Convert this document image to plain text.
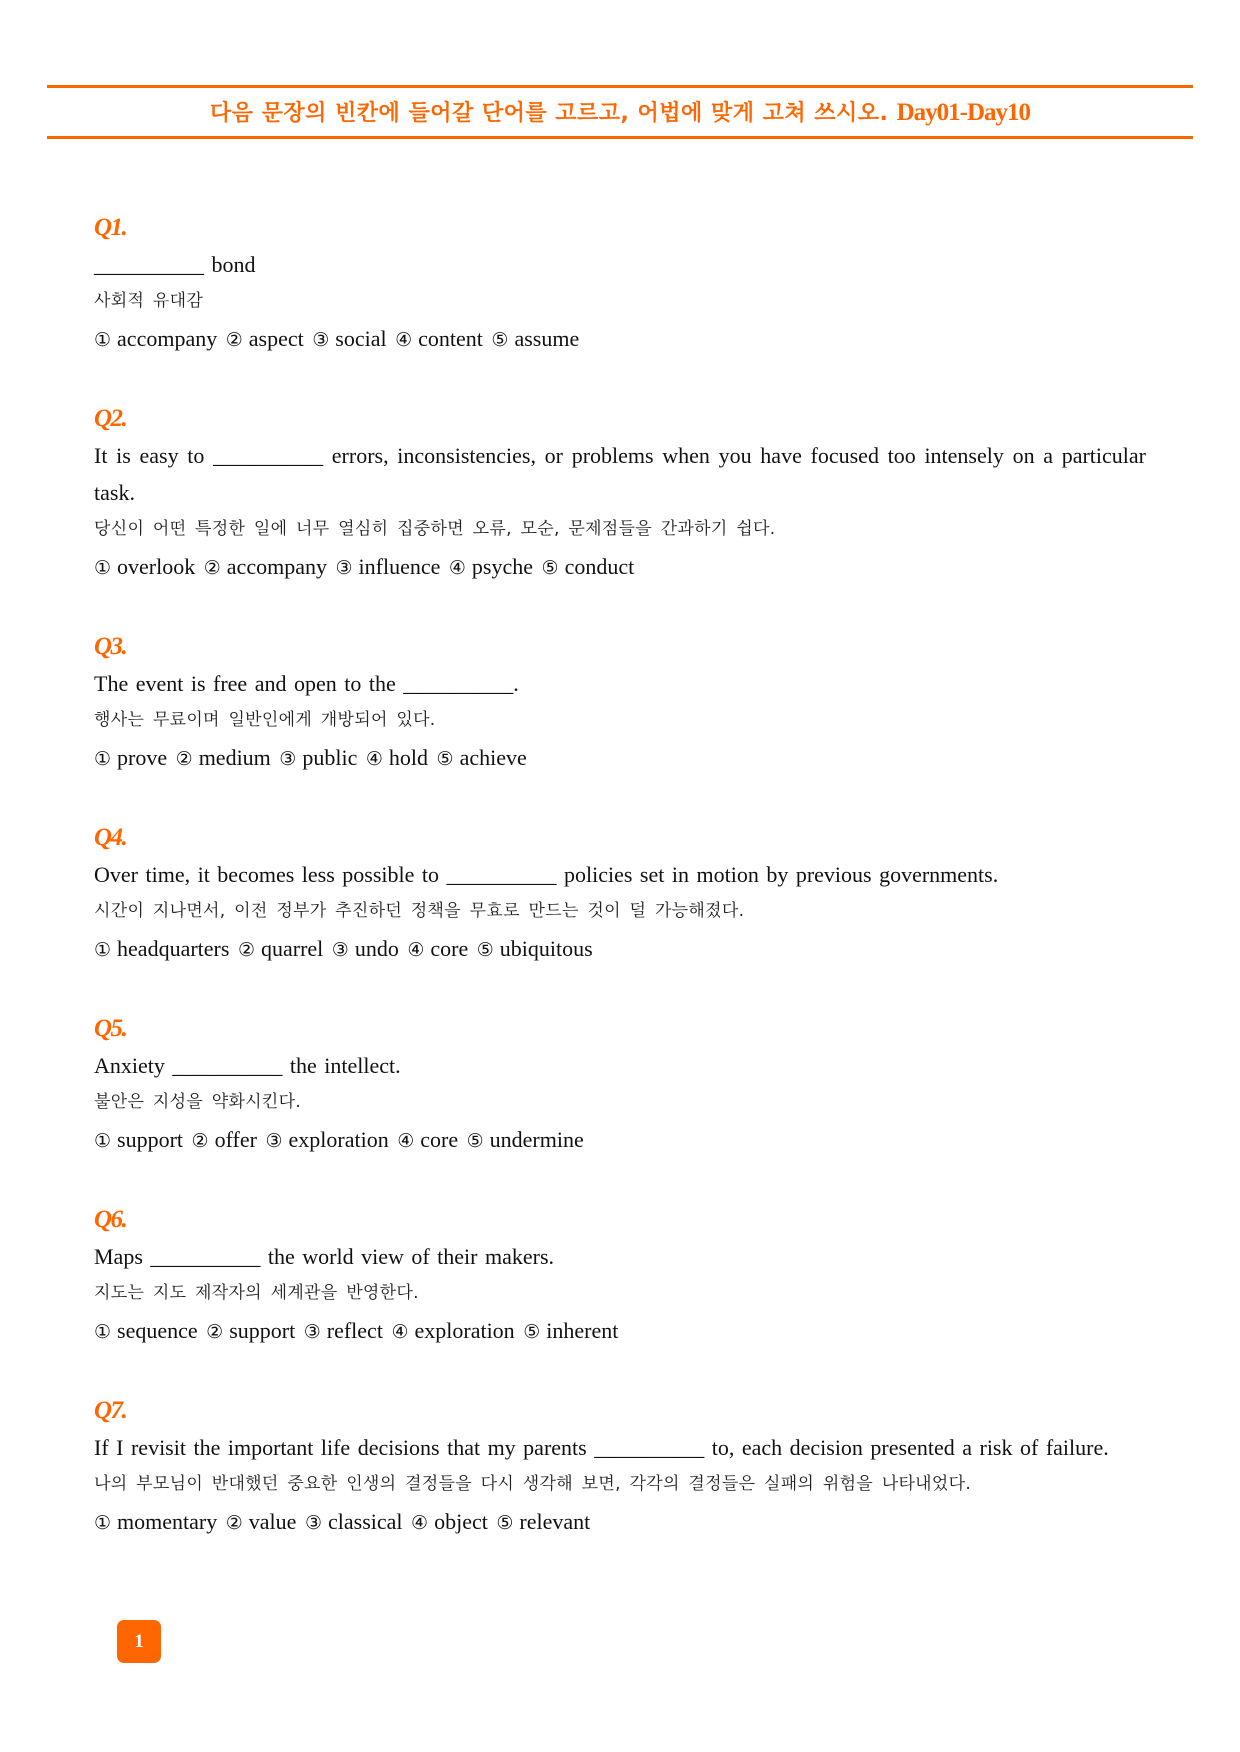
다음 문장의 빈칸에 들어갈 단어를 고르고, 어법에 맞게 고쳐 쓰시오. Day01-Day10
Q1.
__________ bond
사회적 유대감
① accompany ② aspect ③ social ④ content ⑤ assume
Q2.
It is easy to __________ errors, inconsistencies, or problems when you have focused too intensely on a particular task.
당신이 어떤 특정한 일에 너무 열심히 집중하면 오류, 모순, 문제점들을 간과하기 쉽다.
① overlook ② accompany ③ influence ④ psyche ⑤ conduct
Q3.
The event is free and open to the __________.
행사는 무료이며 일반인에게 개방되어 있다.
① prove ② medium ③ public ④ hold ⑤ achieve
Q4.
Over time, it becomes less possible to __________ policies set in motion by previous governments.
시간이 지나면서, 이전 정부가 추진하던 정책을 무효로 만드는 것이 덜 가능해졌다.
① headquarters ② quarrel ③ undo ④ core ⑤ ubiquitous
Q5.
Anxiety __________ the intellect.
불안은 지성을 약화시킨다.
① support ② offer ③ exploration ④ core ⑤ undermine
Q6.
Maps __________ the world view of their makers.
지도는 지도 제작자의 세계관을 반영한다.
① sequence ② support ③ reflect ④ exploration ⑤ inherent
Q7.
If I revisit the important life decisions that my parents __________ to, each decision presented a risk of failure.
나의 부모님이 반대했던 중요한 인생의 결정들을 다시 생각해 보면, 각각의 결정들은 실패의 위험을 나타내었다.
① momentary ② value ③ classical ④ object ⑤ relevant
1
